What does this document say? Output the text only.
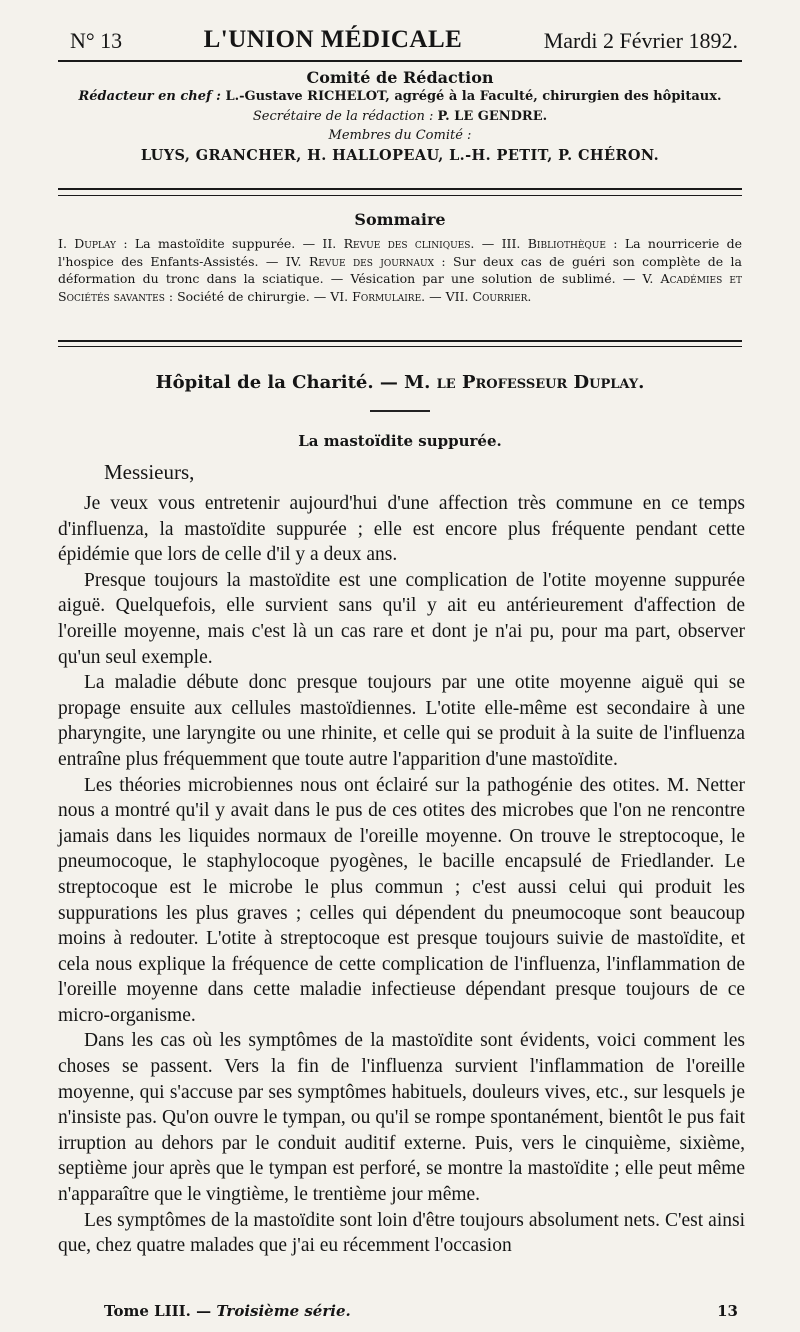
N° 13	L'UNION MÉDICALE	Mardi 2 Février 1892.
Comité de Rédaction
Rédacteur en chef : L.-Gustave RICHELOT, agrégé à la Faculté, chirurgien des hôpitaux.
Secrétaire de la rédaction : P. LE GENDRE.
Membres du Comité :
LUYS, GRANCHER, H. HALLOPEAU, L.-H. PETIT, P. CHÉRON.
Sommaire
I. Duplay : La mastoïdite suppurée. — II. Revue des cliniques. — III. Bibliothèque : La nourricerie de l'hospice des Enfants-Assistés. — IV. Revue des journaux : Sur deux cas de guéri son complète de la déformation du tronc dans la sciatique. — Vésication par une solution de sublimé. — V. Académies et Sociétés savantes : Société de chirurgie. — VI. Formulaire. — VII. Courrier.
Hôpital de la Charité. — M. le Professeur Duplay.
La mastoïdite suppurée.
Messieurs,

Je veux vous entretenir aujourd'hui d'une affection très commune en ce temps d'influenza, la mastoïdite suppurée ; elle est encore plus fréquente pendant cette épidémie que lors de celle d'il y a deux ans.

Presque toujours la mastoïdite est une complication de l'otite moyenne suppurée aiguë. Quelquefois, elle survient sans qu'il y ait eu antérieurement d'affection de l'oreille moyenne, mais c'est là un cas rare et dont je n'ai pu, pour ma part, observer qu'un seul exemple.

La maladie débute donc presque toujours par une otite moyenne aiguë qui se propage ensuite aux cellules mastoïdiennes. L'otite elle-même est secondaire à une pharyngite, une laryngite ou une rhinite, et celle qui se produit à la suite de l'influenza entraîne plus fréquemment que toute autre l'apparition d'une mastoïdite.

Les théories microbiennes nous ont éclairé sur la pathogénie des otites. M. Netter nous a montré qu'il y avait dans le pus de ces otites des microbes que l'on ne rencontre jamais dans les liquides normaux de l'oreille moyenne. On trouve le streptocoque, le pneumocoque, le staphylocoque pyogènes, le bacille encapsulé de Friedlander. Le streptocoque est le microbe le plus commun ; c'est aussi celui qui produit les suppurations les plus graves ; celles qui dépendent du pneumocoque sont beaucoup moins à redouter. L'otite à streptocoque est presque toujours suivie de mastoïdite, et cela nous explique la fréquence de cette complication de l'influenza, l'inflammation de l'oreille moyenne dans cette maladie infectieuse dépendant presque toujours de ce micro-organisme.

Dans les cas où les symptômes de la mastoïdite sont évidents, voici comment les choses se passent. Vers la fin de l'influenza survient l'inflammation de l'oreille moyenne, qui s'accuse par ses symptômes habituels, douleurs vives, etc., sur lesquels je n'insiste pas. Qu'on ouvre le tympan, ou qu'il se rompe spontanément, bientôt le pus fait irruption au dehors par le conduit auditif externe. Puis, vers le cinquième, sixième, septième jour après que le tympan est perforé, se montre la mastoïdite ; elle peut même n'apparaître que le vingtième, le trentième jour même.

Les symptômes de la mastoïdite sont loin d'être toujours absolument nets. C'est ainsi que, chez quatre malades que j'ai eu récemment l'occasion

Tome LIII. — Troisième série.	13
